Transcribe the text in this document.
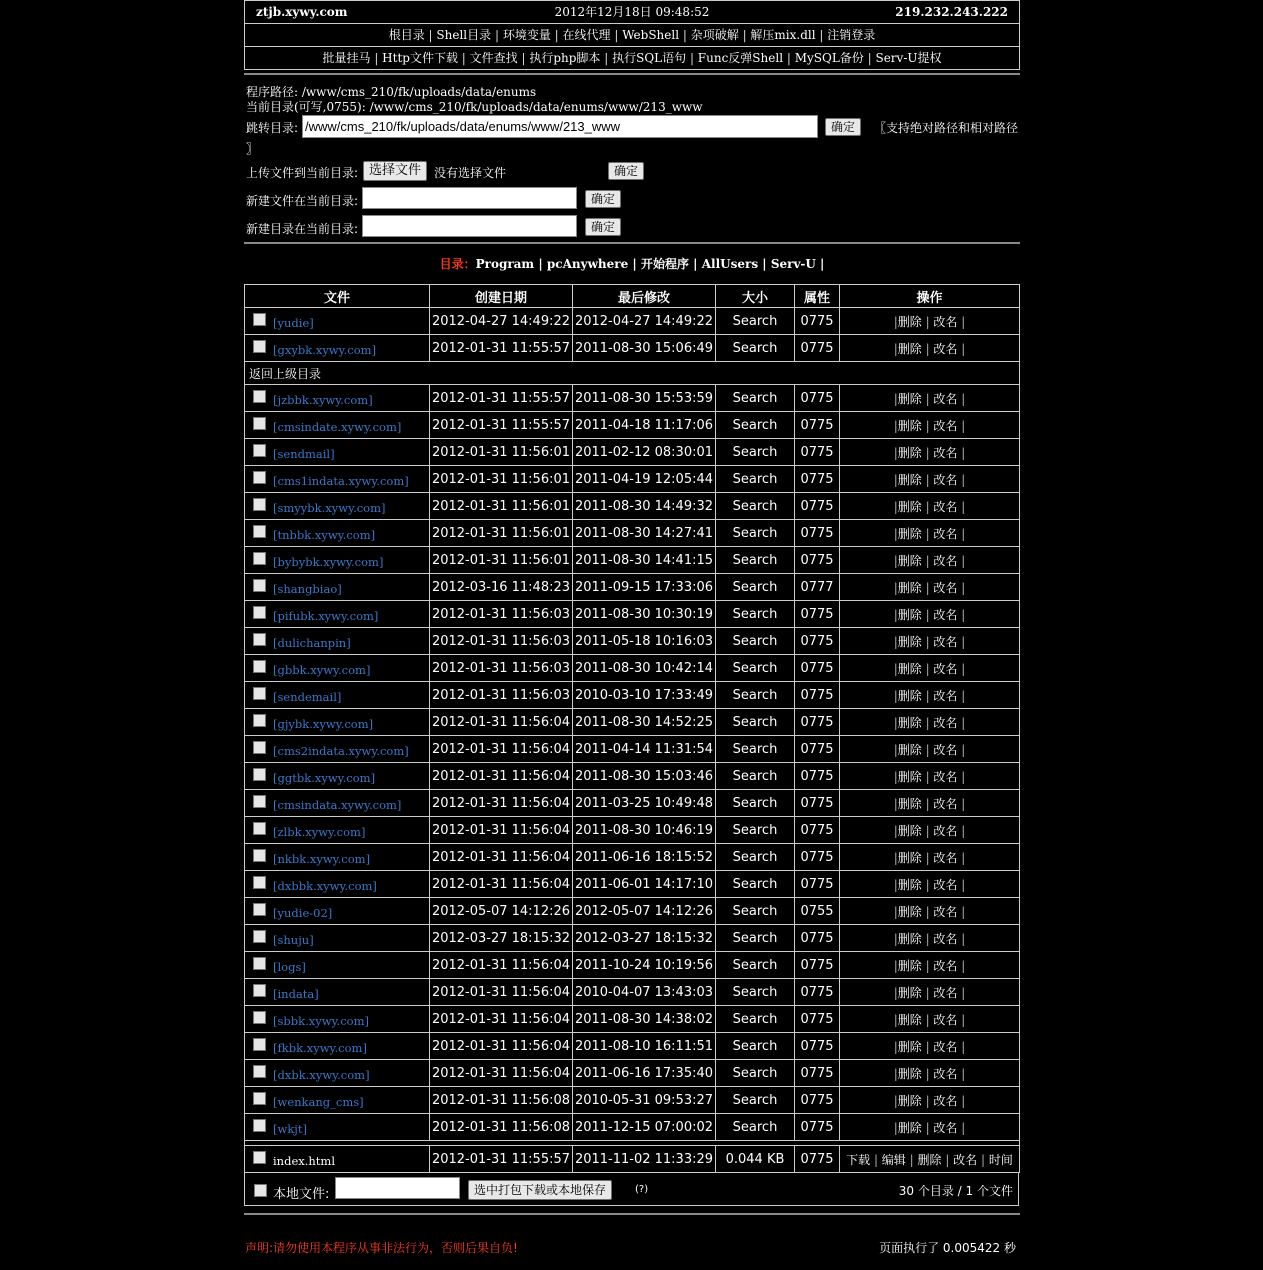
ztjb.xywy.com	2012年12月18日 09:48:52	219.232.243.222
根目录 | Shell目录 | 环境变量 | 在线代理 | WebShell | 杂项破解 | 解压mix.dll | 注销登录
批量挂马 | Http文件下载 | 文件查找 | 执行php脚本 | 执行SQL语句 | Func反弹Shell | MySQL备份 | Serv-U提权
程序路径: /www/cms_210/fk/uploads/data/enums
当前目录(可写,0755): /www/cms_210/fk/uploads/data/enums/www/213_www
跳转目录:
/www/cms_210/fk/uploads/data/enums/www/213_www	确定	〖支持绝对路径和相对路径
〗
上传文件到当前目录: 选择文件	没有选择文件	确定
新建文件在当前目录:	确定
新建目录在当前目录:	确定
目录：Program | pcAnywhere | 开始程序 | AllUsers | Serv-U |
文件	创建日期	最后修改	大小	属性	操作
[yudie]	2012-04-27 14:49:22	2012-04-27 14:49:22	Search	0775	|删除 | 改名 |
[gxybk.xywy.com]	2012-01-31 11:55:57	2011-08-30 15:06:49	Search	0775	|删除 | 改名 |
返回上级目录					
[jzbbk.xywy.com]	2012-01-31 11:55:57	2011-08-30 15:53:59	Search	0775	|删除 | 改名 |
[cmsindate.xywy.com]	2012-01-31 11:55:57	2011-04-18 11:17:06	Search	0775	|删除 | 改名 |
[sendmail]	2012-01-31 11:56:01	2011-02-12 08:30:01	Search	0775	|删除 | 改名 |
[cms1indata.xywy.com]	2012-01-31 11:56:01	2011-04-19 12:05:44	Search	0775	|删除 | 改名 |
[smyybk.xywy.com]	2012-01-31 11:56:01	2011-08-30 14:49:32	Search	0775	|删除 | 改名 |
[tnbbk.xywy.com]	2012-01-31 11:56:01	2011-08-30 14:27:41	Search	0775	|删除 | 改名 |
[bybybk.xywy.com]	2012-01-31 11:56:01	2011-08-30 14:41:15	Search	0775	|删除 | 改名 |
[shangbiao]	2012-03-16 11:48:23	2011-09-15 17:33:06	Search	0777	|删除 | 改名 |
[pifubk.xywy.com]	2012-01-31 11:56:03	2011-08-30 10:30:19	Search	0775	|删除 | 改名 |
[dulichanpin]	2012-01-31 11:56:03	2011-05-18 10:16:03	Search	0775	|删除 | 改名 |
[gbbk.xywy.com]	2012-01-31 11:56:03	2011-08-30 10:42:14	Search	0775	|删除 | 改名 |
[sendemail]	2012-01-31 11:56:03	2010-03-10 17:33:49	Search	0775	|删除 | 改名 |
[gjybk.xywy.com]	2012-01-31 11:56:04	2011-08-30 14:52:25	Search	0775	|删除 | 改名 |
[cms2indata.xywy.com]	2012-01-31 11:56:04	2011-04-14 11:31:54	Search	0775	|删除 | 改名 |
[ggtbk.xywy.com]	2012-01-31 11:56:04	2011-08-30 15:03:46	Search	0775	|删除 | 改名 |
[cmsindata.xywy.com]	2012-01-31 11:56:04	2011-03-25 10:49:48	Search	0775	|删除 | 改名 |
[zlbk.xywy.com]	2012-01-31 11:56:04	2011-08-30 10:46:19	Search	0775	|删除 | 改名 |
[nkbk.xywy.com]	2012-01-31 11:56:04	2011-06-16 18:15:52	Search	0775	|删除 | 改名 |
[dxbbk.xywy.com]	2012-01-31 11:56:04	2011-06-01 14:17:10	Search	0775	|删除 | 改名 |
[yudie-02]	2012-05-07 14:12:26	2012-05-07 14:12:26	Search	0755	|删除 | 改名 |
[shuju]	2012-03-27 18:15:32	2012-03-27 18:15:32	Search	0775	|删除 | 改名 |
[logs]	2012-01-31 11:56:04	2011-10-24 10:19:56	Search	0775	|删除 | 改名 |
[indata]	2012-01-31 11:56:04	2010-04-07 13:43:03	Search	0775	|删除 | 改名 |
[sbbk.xywy.com]	2012-01-31 11:56:04	2011-08-30 14:38:02	Search	0775	|删除 | 改名 |
[fkbk.xywy.com]	2012-01-31 11:56:04	2011-08-10 16:11:51	Search	0775	|删除 | 改名 |
[dxbk.xywy.com]	2012-01-31 11:56:04	2011-06-16 17:35:40	Search	0775	|删除 | 改名 |
[wenkang_cms]	2012-01-31 11:56:08	2010-05-31 09:53:27	Search	0775	|删除 | 改名 |
[wkjt]	2012-01-31 11:56:08	2011-12-15 07:00:02	Search	0775	|删除 | 改名 |

index.html	2012-01-31 11:55:57	2011-11-02 11:33:29	0.044 KB	0775	下载 | 编辑 | 删除 | 改名 | 时间
本地文件:	选中打包下载或本地保存	(?)	30 个目录 / 1 个文件
声明:请勿使用本程序从事非法行为，否则后果自负!	页面执行了 0.005422 秒
